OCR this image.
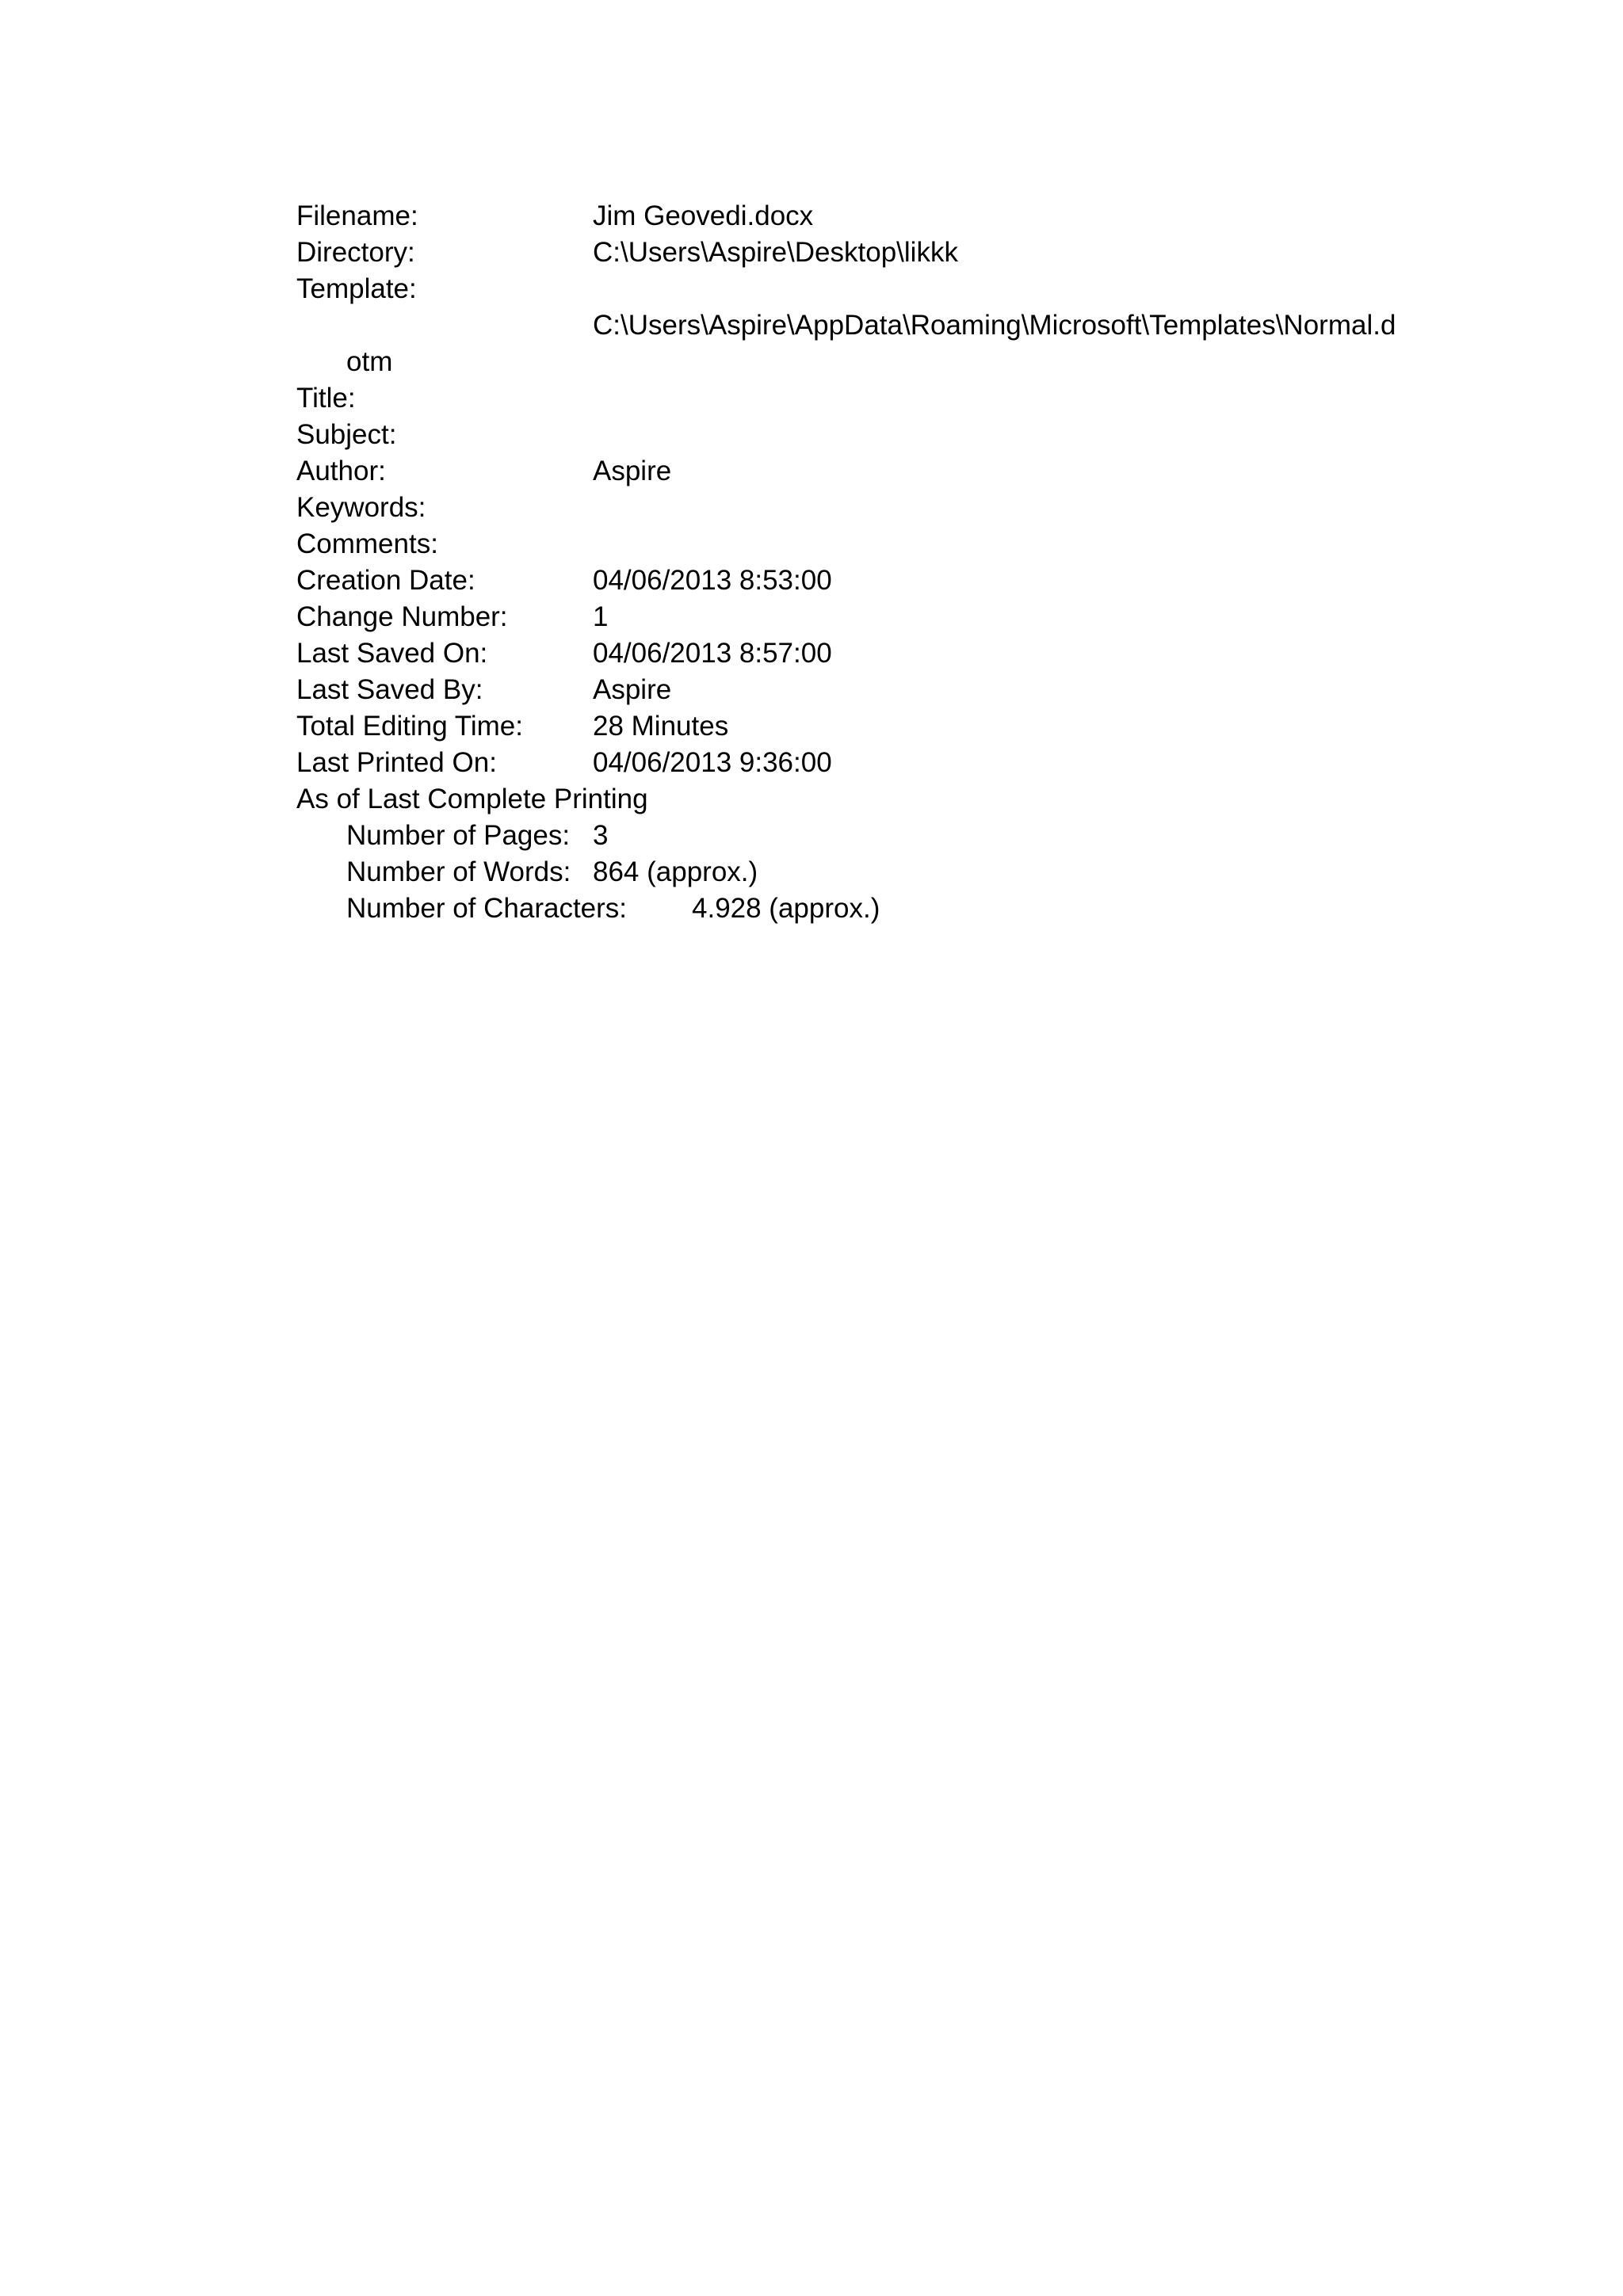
Filename:	Jim Geovedi.docx
Directory:	C:\Users\Aspire\Desktop\likkk
Template:
C:\Users\Aspire\AppData\Roaming\Microsoft\Templates\Normal.d
otm
Title:
Subject:
Author:	Aspire
Keywords:
Comments:
Creation Date:	04/06/2013 8:53:00
Change Number:	1
Last Saved On:	04/06/2013 8:57:00
Last Saved By:	Aspire
Total Editing Time:	28 Minutes
Last Printed On:	04/06/2013 9:36:00
As of Last Complete Printing
Number of Pages: 3
Number of Words: 864 (approx.)
Number of Characters: 4.928 (approx.)
